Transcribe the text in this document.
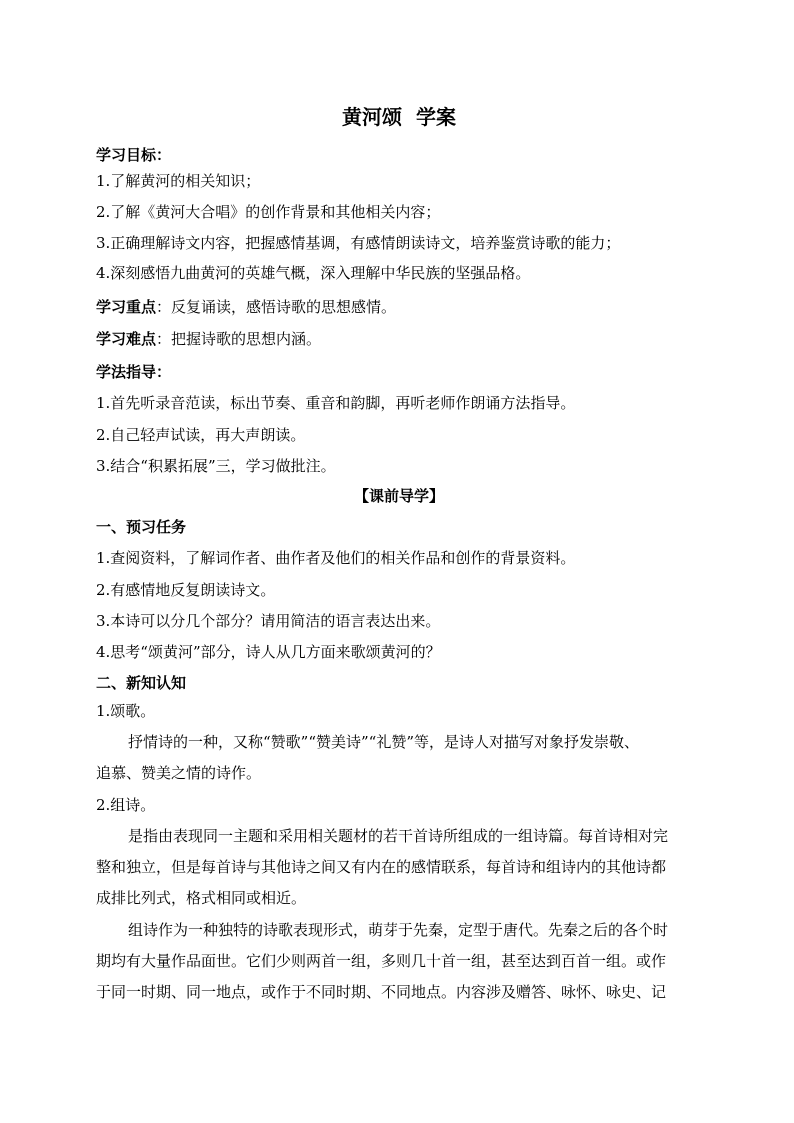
黄河颂  学案
学习目标：
1.了解黄河的相关知识；
2.了解《黄河大合唱》的创作背景和其他相关内容；
3.正确理解诗文内容，把握感情基调，有感情朗读诗文，培养鉴赏诗歌的能力；
4.深刻感悟九曲黄河的英雄气概，深入理解中华民族的坚强品格。
学习重点：反复诵读，感悟诗歌的思想感情。
学习难点：把握诗歌的思想内涵。
学法指导：
1.首先听录音范读，标出节奏、重音和韵脚，再听老师作朗诵方法指导。
2.自己轻声试读，再大声朗读。
3.结合“积累拓展”三，学习做批注。
【课前导学】
一、预习任务
1.查阅资料，了解词作者、曲作者及他们的相关作品和创作的背景资料。
2.有感情地反复朗读诗文。
3.本诗可以分几个部分？请用简洁的语言表达出来。
4.思考“颂黄河”部分，诗人从几方面来歌颂黄河的？
二、新知认知
1.颂歌。
抒情诗的一种，又称“赞歌”“赞美诗”“礼赞”等，是诗人对描写对象抒发崇敬、
追慕、赞美之情的诗作。
2.组诗。
是指由表现同一主题和采用相关题材的若干首诗所组成的一组诗篇。每首诗相对完
整和独立，但是每首诗与其他诗之间又有内在的感情联系，每首诗和组诗内的其他诗都
成排比列式，格式相同或相近。
组诗作为一种独特的诗歌表现形式，萌芽于先秦，定型于唐代。先秦之后的各个时
期均有大量作品面世。它们少则两首一组，多则几十首一组，甚至达到百首一组。或作
于同一时期、同一地点，或作于不同时期、不同地点。内容涉及赠答、咏怀、咏史、记
